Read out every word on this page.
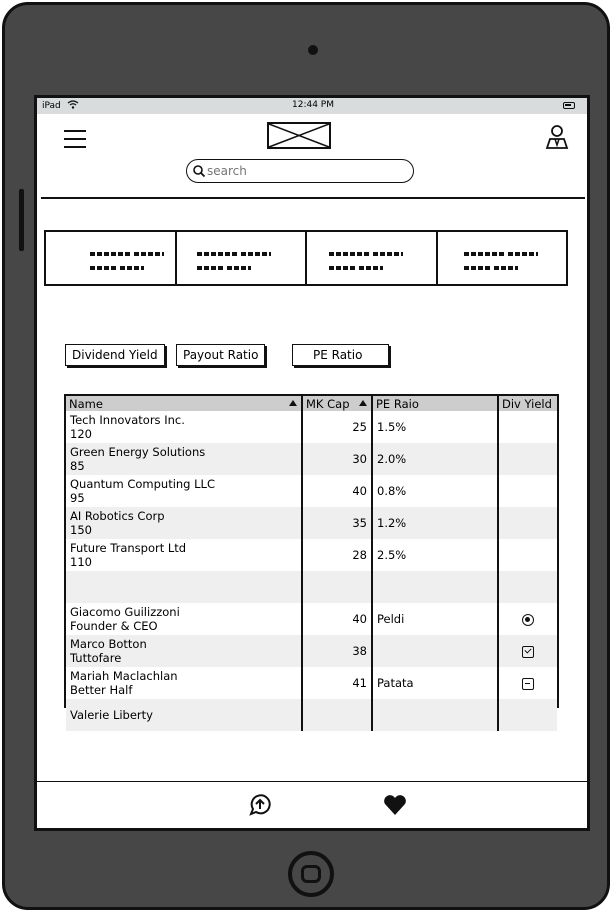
iPad	12:44 PM
search
Dividend Yield	Payout Ratio	PE Ratio
Name	MK Cap	PE Raio	Div Yield

Tech Innovators Inc.
120	25	1.5%	

Green Energy Solutions
85	30	2.0%	

Quantum Computing LLC
95	40	0.8%	

AI Robotics Corp
150	35	1.2%	

Future Transport Ltd
110	28	2.5%	

Giacomo Guilizzoni
Founder & CEO	40	Peldi	

Marco Botton
Tuttofare	38		

Mariah Maclachlan
Better Half	41	Patata	

Valerie Liberty			
